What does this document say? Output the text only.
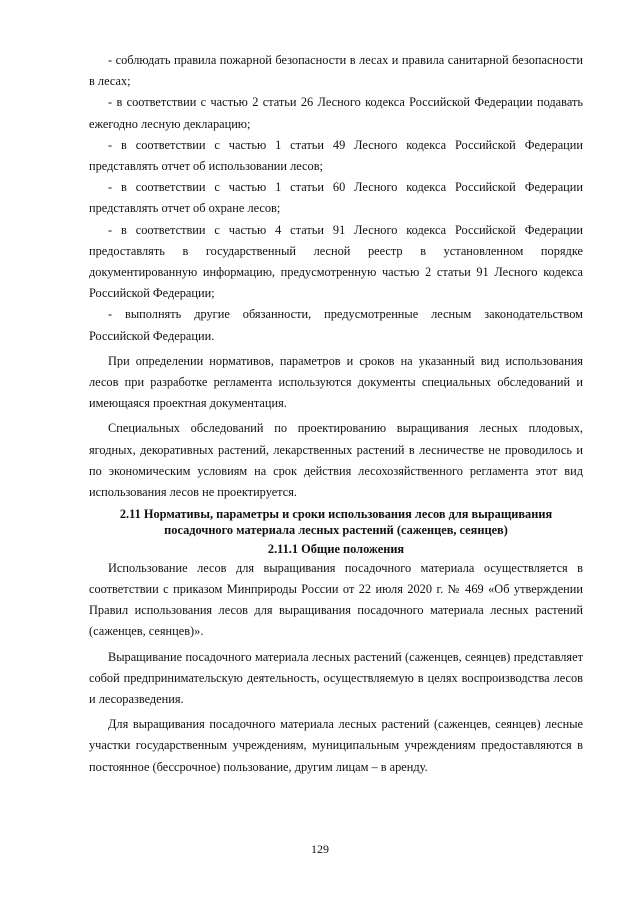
- соблюдать правила пожарной безопасности в лесах и правила санитарной безопасности в лесах;

- в соответствии с частью 2 статьи 26 Лесного кодекса Российской Федерации подавать ежегодно лесную декларацию;

- в соответствии с частью 1 статьи 49 Лесного кодекса Российской Федерации представлять отчет об использовании лесов;

- в соответствии с частью 1 статьи 60 Лесного кодекса Российской Федерации представлять отчет об охране лесов;

- в соответствии с частью 4 статьи 91 Лесного кодекса Российской Федерации предоставлять в государственный лесной реестр в установленном порядке документированную информацию, предусмотренную частью 2 статьи 91 Лесного кодекса Российской Федерации;

- выполнять другие обязанности, предусмотренные лесным законодательством Российской Федерации.

При определении нормативов, параметров и сроков на указанный вид использования лесов при разработке регламента используются документы специальных обследований и имеющаяся проектная документация.

Специальных обследований по проектированию выращивания лесных плодовых, ягодных, декоративных растений, лекарственных растений в лесничестве не проводилось и по экономическим условиям на срок действия лесохозяйственного регламента этот вид использования лесов не проектируется.

2.11 Нормативы, параметры и сроки использования лесов для выращивания
посадочного материала лесных растений (саженцев, сеянцев)
2.11.1 Общие положения

Использование лесов для выращивания посадочного материала осуществляется в соответствии с приказом Минприроды России от 22 июля 2020 г. № 469 «Об утверждении Правил использования лесов для выращивания посадочного материала лесных растений (саженцев, сеянцев)».

Выращивание посадочного материала лесных растений (саженцев, сеянцев) представляет собой предпринимательскую деятельность, осуществляемую в целях воспроизводства лесов и лесоразведения.

Для выращивания посадочного материала лесных растений (саженцев, сеянцев) лесные участки государственным учреждениям, муниципальным учреждениям предоставляются в постоянное (бессрочное) пользование, другим лицам – в аренду.

129
